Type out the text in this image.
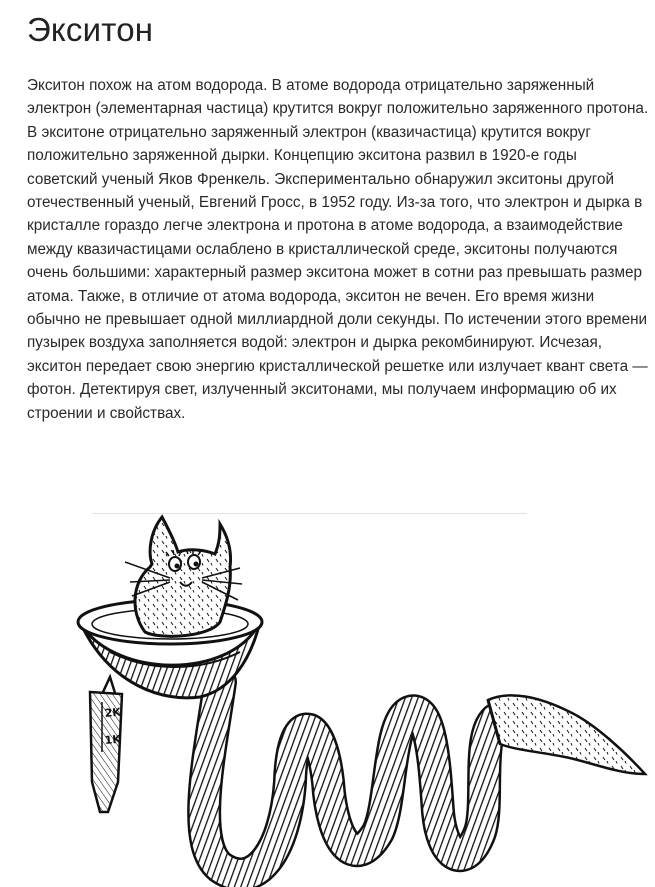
Экситон

Экситон похож на атом водорода. В атоме водорода отрицательно заряженный электрон (элементарная частица) крутится вокруг положительно заряженного протона. В экситоне отрицательно заряженный электрон (квазичастица) крутится вокруг положительно заряженной дырки. Концепцию экситона развил в 1920-е годы советский ученый Яков Френкель. Экспериментально обнаружил экситоны другой отечественный ученый, Евгений Гросс, в 1952 году. Из-за того, что электрон и дырка в кристалле гораздо легче электрона и протона в атоме водорода, а взаимодействие между квазичастицами ослаблено в кристаллической среде, экситоны получаются очень большими: характерный размер экситона может в сотни раз превышать размер атома. Также, в отличие от атома водорода, экситон не вечен. Его время жизни обычно не превышает одной миллиардной доли секунды. По истечении этого времени пузырек воздуха заполняется водой: электрон и дырка рекомбинируют. Исчезая, экситон передает свою энергию кристаллической решетке или излучает квант света — фотон. Детектируя свет, излученный экситонами, мы получаем информацию об их строении и свойствах.

2K
1K
